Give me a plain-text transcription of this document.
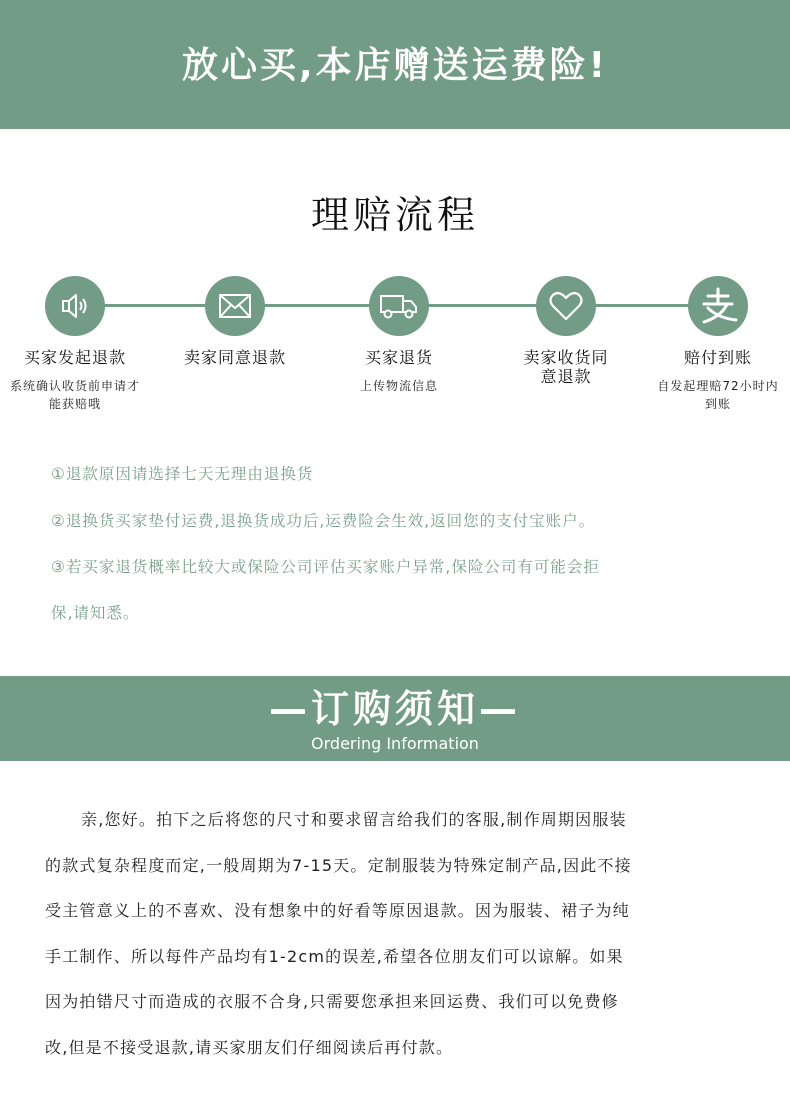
放心买,本店赠送运费险!
理赔流程
买家发起退款
系统确认收货前申请才能获赔哦
卖家同意退款	买家退货
上传物流信息
卖家收货同意退款
赔付到账
自发起理赔72小时内到账
①退款原因请选择七天无理由退换货
②退换货买家垫付运费,退换货成功后,运费险会生效,返回您的支付宝账户。
③若买家退货概率比较大或保险公司评估买家账户异常,保险公司有可能会拒
保,请知悉。
—订购须知—
Ordering Information
亲,您好。拍下之后将您的尺寸和要求留言给我们的客服,制作周期因服装
的款式复杂程度而定,一般周期为7-15天。定制服装为特殊定制产品,因此不接
受主管意义上的不喜欢、没有想象中的好看等原因退款。因为服装、裙子为纯
手工制作、所以每件产品均有1-2cm的误差,希望各位朋友们可以谅解。如果
因为拍错尺寸而造成的衣服不合身,只需要您承担来回运费、我们可以免费修
改,但是不接受退款,请买家朋友们仔细阅读后再付款。
